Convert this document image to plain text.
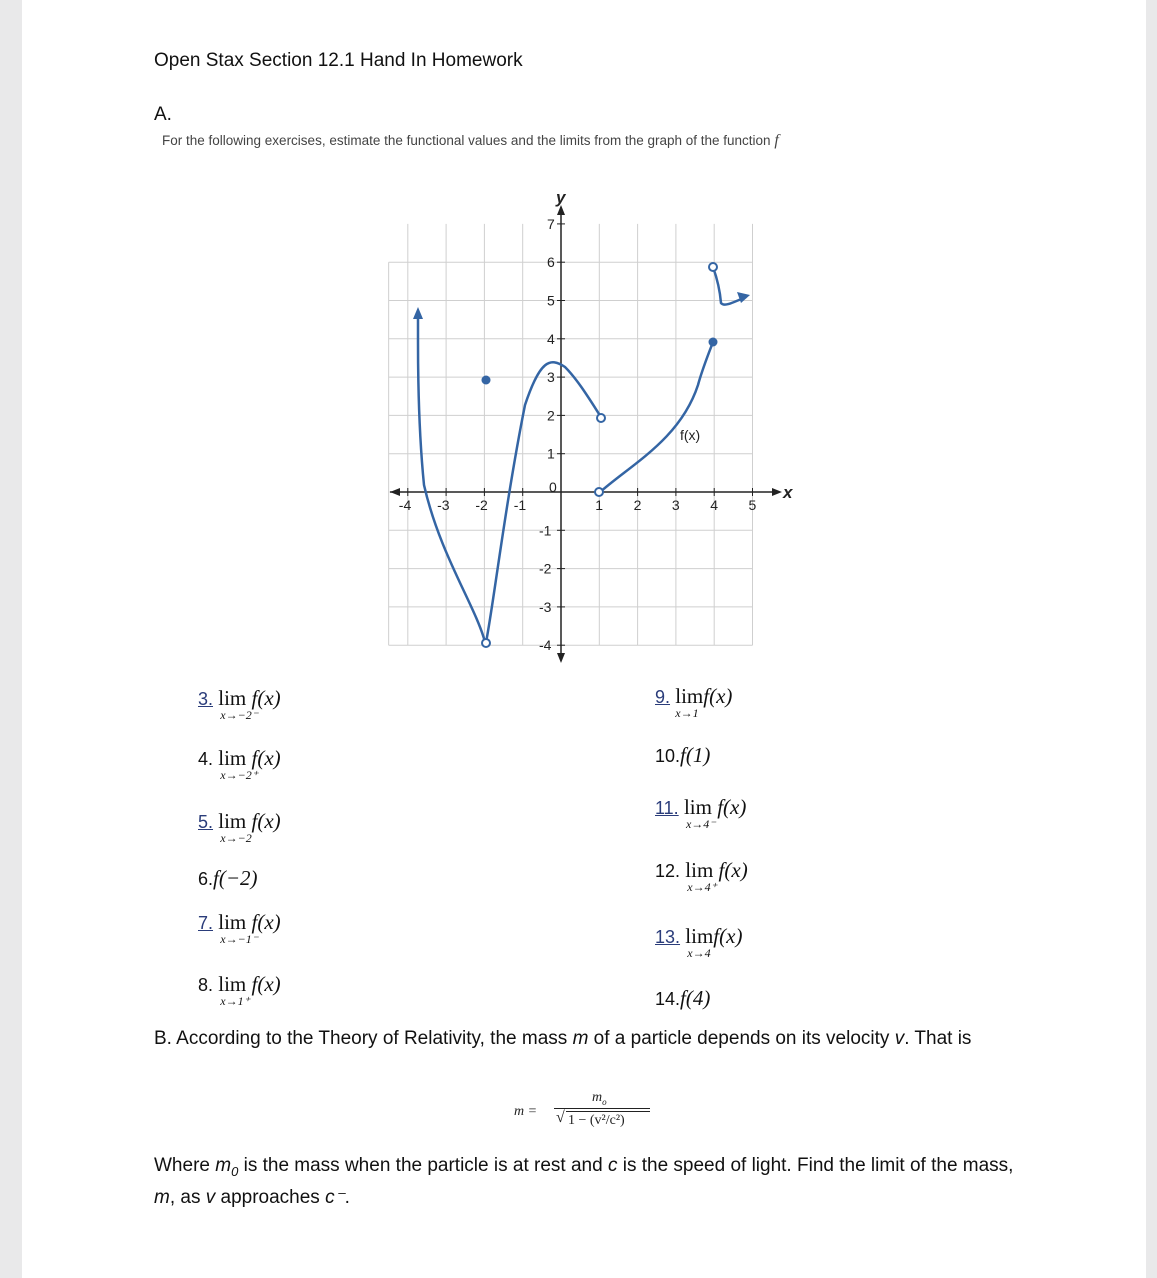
Open Stax Section 12.1 Hand In Homework
A.
For the following exercises, estimate the functional values and the limits from the graph of the function f
-4 -3 -2 -1
0
1 2 3 4 5
7
6
5
4
3
2
1
-1
-2
-3
-4
y
x
f(x)
3. lim
x→−2⁻
f(x)
4. lim
x→−2⁺
f(x)
5. lim
x→−2
f(x)
6.f(−2)
7. lim
x→−1⁻
f(x)
8. lim
x→1⁺
f(x)
9. lim
x→1
f(x)
10.f(1)
11. lim
x→4⁻
f(x)
12. lim
x→4⁺
f(x)
13. lim
x→4
f(x)
14.f(4)
B. According to the Theory of Relativity, the mass m of a particle depends on its velocity v. That is
m =
$m_o$
√ 1 − (v²/c²)
Where $m_0$ is the mass when the particle is at rest and c is the speed of light. Find the limit of the mass, m, as v approaches c⁻.
